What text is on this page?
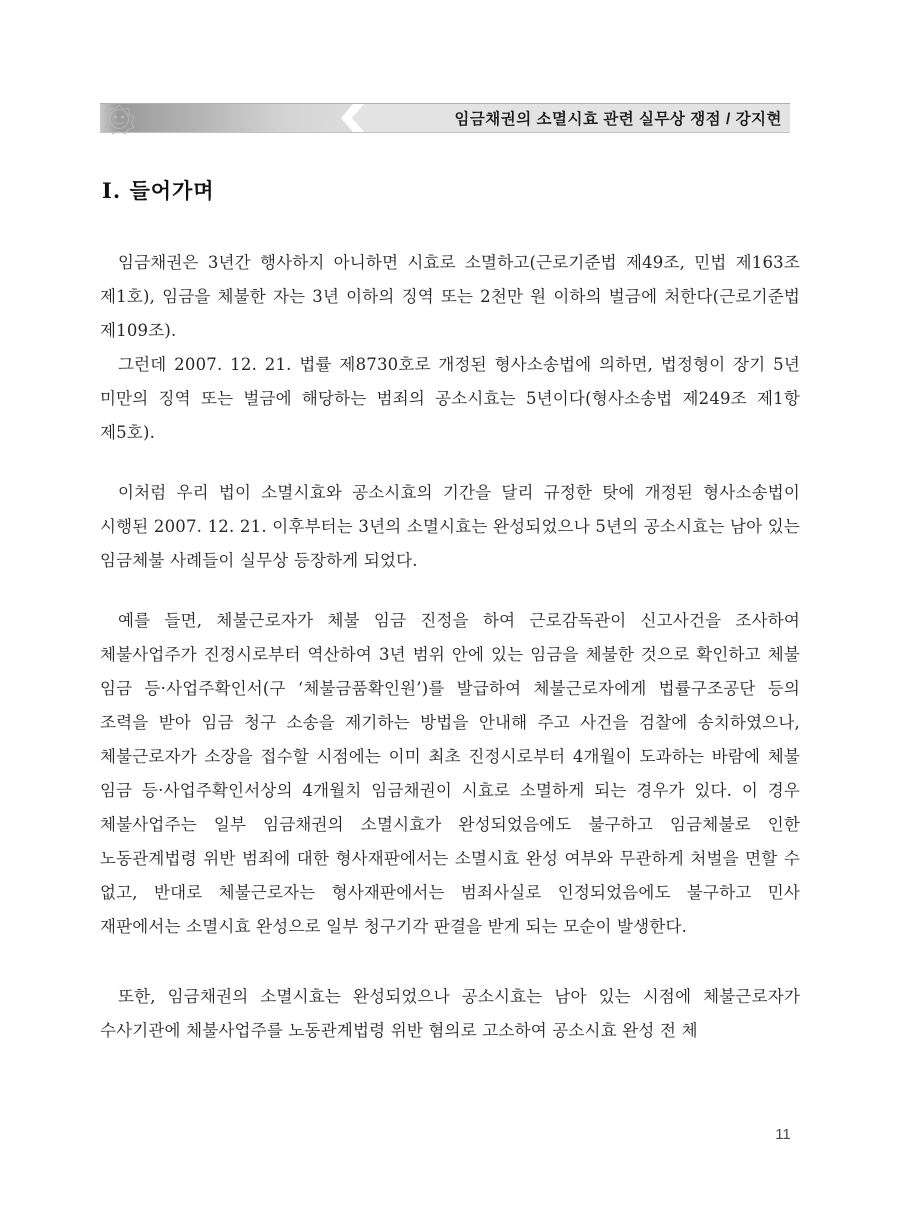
임금채권의 소멸시효 관련 실무상 쟁점 / 강지현
Ⅰ. 들어가며

임금채권은 3년간 행사하지 아니하면 시효로 소멸하고(근로기준법 제49조, 민법 제163조 제1호), 임금을 체불한 자는 3년 이하의 징역 또는 2천만 원 이하의 벌금에 처한다(근로기준법 제109조).

그런데 2007. 12. 21. 법률 제8730호로 개정된 형사소송법에 의하면, 법정형이 장기 5년 미만의 징역 또는 벌금에 해당하는 범죄의 공소시효는 5년이다(형사소송법 제249조 제1항 제5호).

이처럼 우리 법이 소멸시효와 공소시효의 기간을 달리 규정한 탓에 개정된 형사소송법이 시행된 2007. 12. 21. 이후부터는 3년의 소멸시효는 완성되었으나 5년의 공소시효는 남아 있는 임금체불 사례들이 실무상 등장하게 되었다.

예를 들면, 체불근로자가 체불 임금 진정을 하여 근로감독관이 신고사건을 조사하여 체불사업주가 진정시로부터 역산하여 3년 범위 안에 있는 임금을 체불한 것으로 확인하고 체불 임금 등·사업주확인서(구 ‘체불금품확인원’)를 발급하여 체불근로자에게 법률구조공단 등의 조력을 받아 임금 청구 소송을 제기하는 방법을 안내해 주고 사건을 검찰에 송치하였으나, 체불근로자가 소장을 접수할 시점에는 이미 최초 진정시로부터 4개월이 도과하는 바람에 체불 임금 등·사업주확인서상의 4개월치 임금채권이 시효로 소멸하게 되는 경우가 있다. 이 경우 체불사업주는 일부 임금채권의 소멸시효가 완성되었음에도 불구하고 임금체불로 인한 노동관계법령 위반 범죄에 대한 형사재판에서는 소멸시효 완성 여부와 무관하게 처벌을 면할 수 없고, 반대로 체불근로자는 형사재판에서는 범죄사실로 인정되었음에도 불구하고 민사 재판에서는 소멸시효 완성으로 일부 청구기각 판결을 받게 되는 모순이 발생한다.

또한, 임금채권의 소멸시효는 완성되었으나 공소시효는 남아 있는 시점에 체불근로자가 수사기관에 체불사업주를 노동관계법령 위반 혐의로 고소하여 공소시효 완성 전 체

11
